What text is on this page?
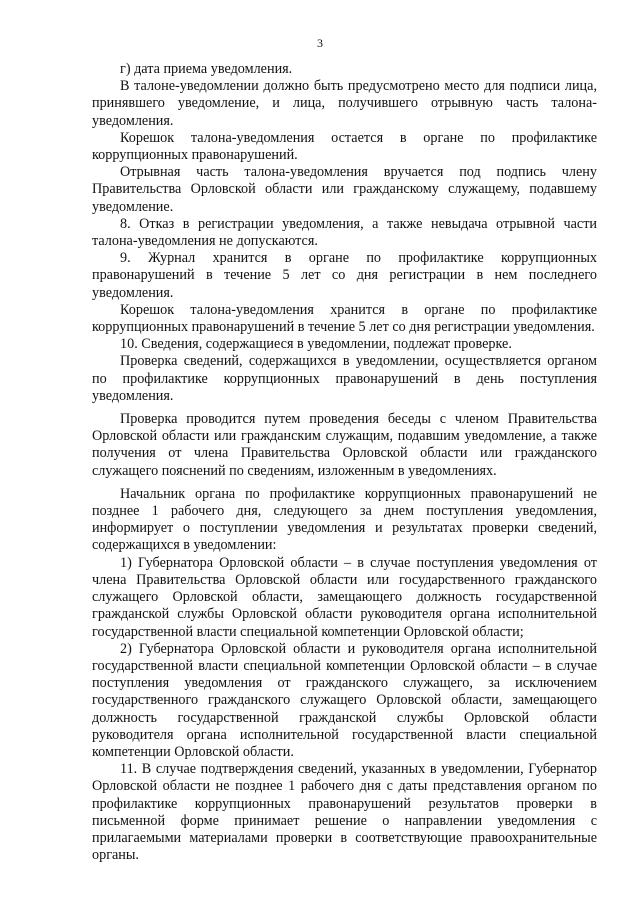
3

г) дата приема уведомления.

В талоне-уведомлении должно быть предусмотрено место для подписи лица, принявшего уведомление, и лица, получившего отрывную часть талона-уведомления.

Корешок талона-уведомления остается в органе по профилактике коррупционных правонарушений.

Отрывная часть талона-уведомления вручается под подпись члену Правительства Орловской области или гражданскому служащему, подавшему уведомление.

8. Отказ в регистрации уведомления, а также невыдача отрывной части талона-уведомления не допускаются.

9. Журнал хранится в органе по профилактике коррупционных правонарушений в течение 5 лет со дня регистрации в нем последнего уведомления.

Корешок талона-уведомления хранится в органе по профилактике коррупционных правонарушений в течение 5 лет со дня регистрации уведомления.

10. Сведения, содержащиеся в уведомлении, подлежат проверке.

Проверка сведений, содержащихся в уведомлении, осуществляется органом по профилактике коррупционных правонарушений в день поступления уведомления.

Проверка проводится путем проведения беседы с членом Правительства Орловской области или гражданским служащим, подавшим уведомление, а также получения от члена Правительства Орловской области или гражданского служащего пояснений по сведениям, изложенным в уведомлениях.

Начальник органа по профилактике коррупционных правонарушений не позднее 1 рабочего дня, следующего за днем поступления уведомления, информирует о поступлении уведомления и результатах проверки сведений, содержащихся в уведомлении:

1) Губернатора Орловской области – в случае поступления уведомления от члена Правительства Орловской области или государственного гражданского служащего Орловской области, замещающего должность государственной гражданской службы Орловской области руководителя органа исполнительной государственной власти специальной компетенции Орловской области;

2) Губернатора Орловской области и руководителя органа исполнительной государственной власти специальной компетенции Орловской области – в случае поступления уведомления от гражданского служащего, за исключением государственного гражданского служащего Орловской области, замещающего должность государственной гражданской службы Орловской области руководителя органа исполнительной государственной власти специальной компетенции Орловской области.

11. В случае подтверждения сведений, указанных в уведомлении, Губернатор Орловской области не позднее 1 рабочего дня с даты представления органом по профилактике коррупционных правонарушений результатов проверки в письменной форме принимает решение о направлении уведомления с прилагаемыми материалами проверки в соответствующие правоохранительные органы.
